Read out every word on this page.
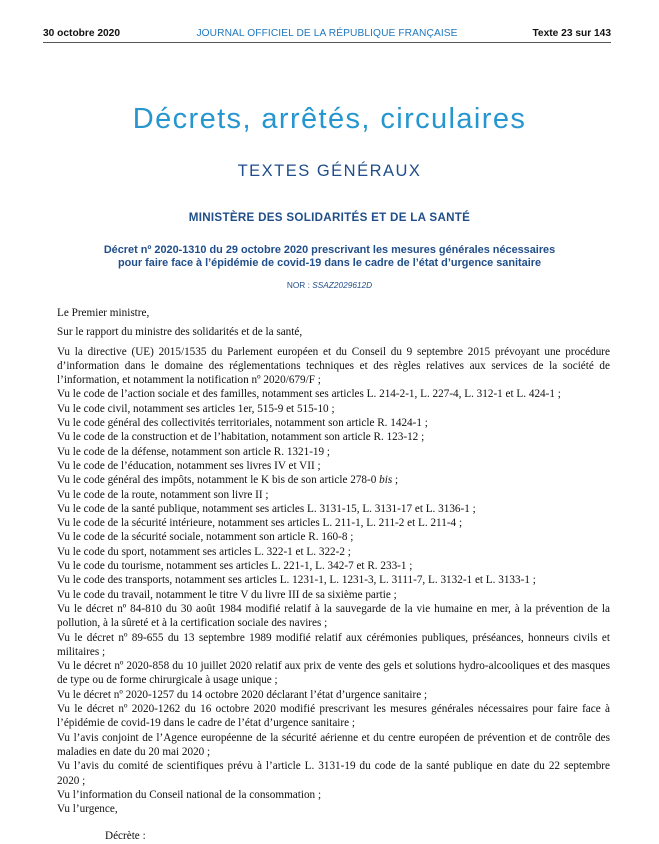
30 octobre 2020	JOURNAL OFFICIEL DE LA RÉPUBLIQUE FRANÇAISE	Texte 23 sur 143
Décrets, arrêtés, circulaires
TEXTES GÉNÉRAUX
MINISTÈRE DES SOLIDARITÉS ET DE LA SANTÉ
Décret nº 2020-1310 du 29 octobre 2020 prescrivant les mesures générales nécessaires
pour faire face à l’épidémie de covid-19 dans le cadre de l’état d’urgence sanitaire
NOR : SSAZ2029612D

Le Premier ministre,

Sur le rapport du ministre des solidarités et de la santé,

Vu la directive (UE) 2015/1535 du Parlement européen et du Conseil du 9 septembre 2015 prévoyant une procédure d’information dans le domaine des réglementations techniques et des règles relatives aux services de la société de l’information, et notamment la notification nº 2020/679/F ;

Vu le code de l’action sociale et des familles, notamment ses articles L. 214-2-1, L. 227-4, L. 312-1 et L. 424-1 ;

Vu le code civil, notamment ses articles 1er, 515-9 et 515-10 ;

Vu le code général des collectivités territoriales, notamment son article R. 1424-1 ;

Vu le code de la construction et de l’habitation, notamment son article R. 123-12 ;

Vu le code de la défense, notamment son article R. 1321-19 ;

Vu le code de l’éducation, notamment ses livres IV et VII ;

Vu le code général des impôts, notamment le K bis de son article 278-0 bis ;

Vu le code de la route, notamment son livre II ;

Vu le code de la santé publique, notamment ses articles L. 3131-15, L. 3131-17 et L. 3136-1 ;

Vu le code de la sécurité intérieure, notamment ses articles L. 211-1, L. 211-2 et L. 211-4 ;

Vu le code de la sécurité sociale, notamment son article R. 160-8 ;

Vu le code du sport, notamment ses articles L. 322-1 et L. 322-2 ;

Vu le code du tourisme, notamment ses articles L. 221-1, L. 342-7 et R. 233-1 ;

Vu le code des transports, notamment ses articles L. 1231-1, L. 1231-3, L. 3111-7, L. 3132-1 et L. 3133-1 ;

Vu le code du travail, notamment le titre V du livre III de sa sixième partie ;

Vu le décret nº 84-810 du 30 août 1984 modifié relatif à la sauvegarde de la vie humaine en mer, à la prévention de la pollution, à la sûreté et à la certification sociale des navires ;

Vu le décret nº 89-655 du 13 septembre 1989 modifié relatif aux cérémonies publiques, préséances, honneurs civils et militaires ;

Vu le décret nº 2020-858 du 10 juillet 2020 relatif aux prix de vente des gels et solutions hydro-alcooliques et des masques de type ou de forme chirurgicale à usage unique ;

Vu le décret nº 2020-1257 du 14 octobre 2020 déclarant l’état d’urgence sanitaire ;

Vu le décret nº 2020-1262 du 16 octobre 2020 modifié prescrivant les mesures générales nécessaires pour faire face à l’épidémie de covid-19 dans le cadre de l’état d’urgence sanitaire ;

Vu l’avis conjoint de l’Agence européenne de la sécurité aérienne et du centre européen de prévention et de contrôle des maladies en date du 20 mai 2020 ;

Vu l’avis du comité de scientifiques prévu à l’article L. 3131-19 du code de la santé publique en date du 22 septembre 2020 ;

Vu l’information du Conseil national de la consommation ;

Vu l’urgence,

Décrète :
